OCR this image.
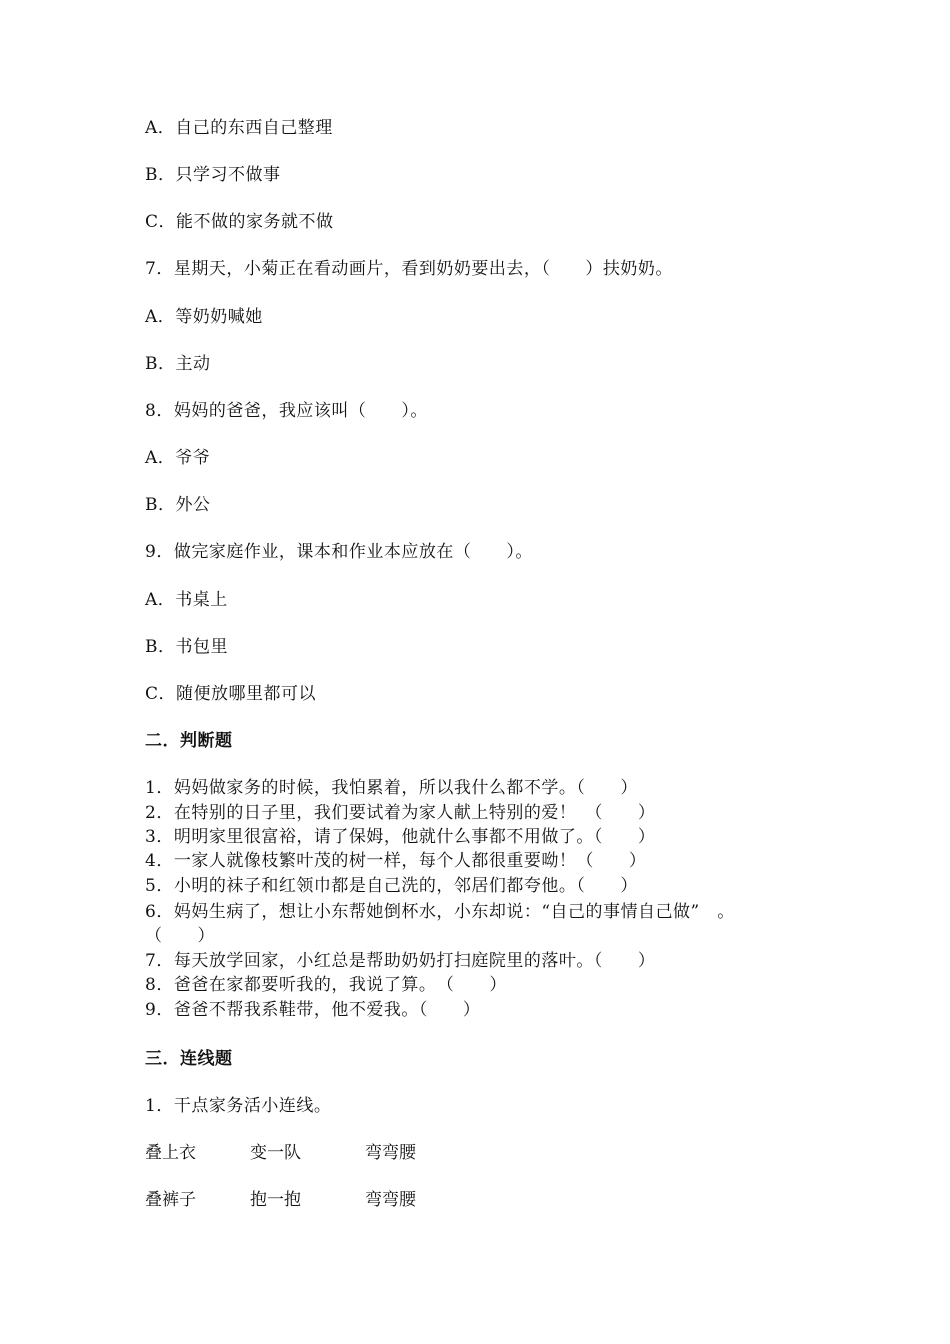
A．自己的东西自己整理
B．只学习不做事
C．能不做的家务就不做
7．星期天，小菊正在看动画片，看到奶奶要出去，（　　）扶奶奶。
A．等奶奶喊她
B．主动
8．妈妈的爸爸，我应该叫（　　）。
A．爷爷
B．外公
9．做完家庭作业，课本和作业本应放在（　　）。
A．书桌上
B．书包里
C．随便放哪里都可以
二．判断题
1．妈妈做家务的时候，我怕累着，所以我什么都不学。（　　）
2．在特别的日子里，我们要试着为家人献上特别的爱！　（　　）
3．明明家里很富裕，请了保姆，他就什么事都不用做了。（　　）
4．一家人就像枝繁叶茂的树一样，每个人都很重要呦！（　　）
5．小明的袜子和红领巾都是自己洗的，邻居们都夸他。（　　）
6．妈妈生病了，想让小东帮她倒杯水，小东却说：“自己的事情自己做”　。
（　　）
7．每天放学回家，小红总是帮助奶奶打扫庭院里的落叶。（　　）
8．爸爸在家都要听我的，我说了算。　（　　）
9．爸爸不帮我系鞋带，他不爱我。（　　）
三．连线题
1．干点家务活小连线。
叠上衣	变一队	弯弯腰
叠裤子	抱一抱	弯弯腰
